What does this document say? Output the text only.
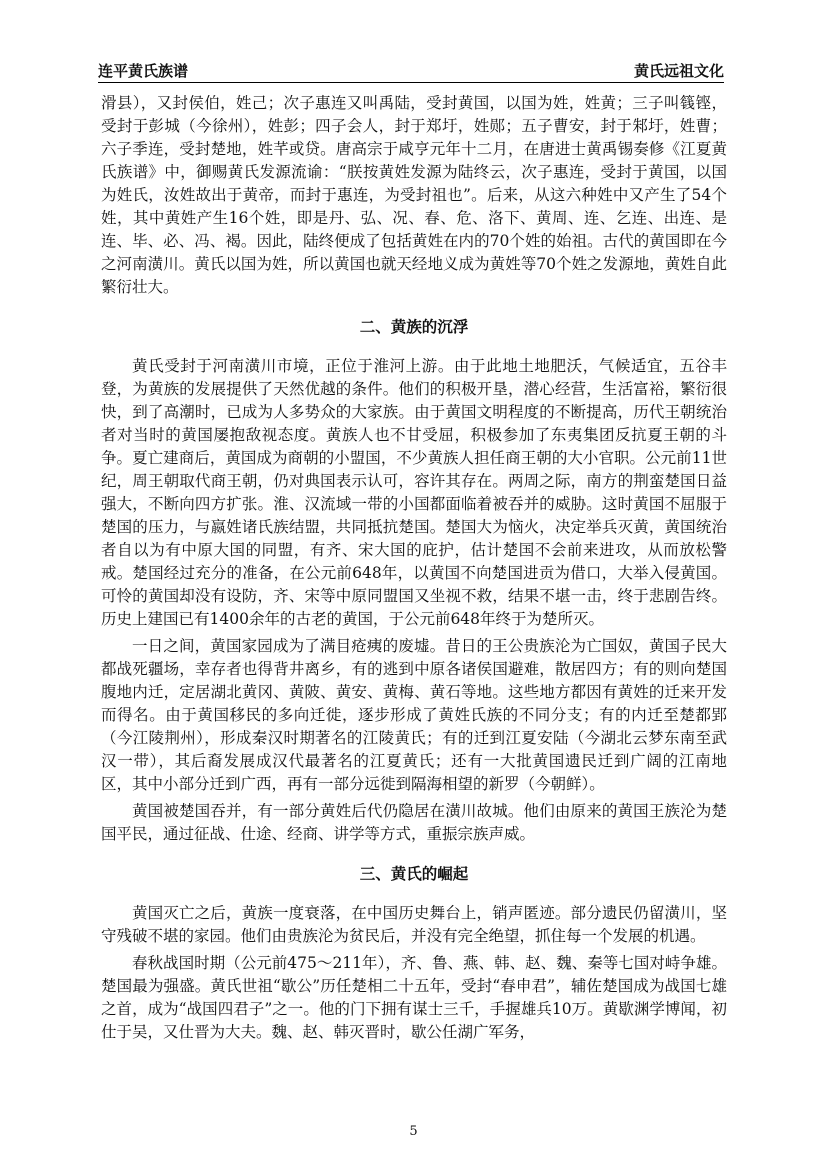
连平黄氏族谱	黄氏远祖文化

滑县），又封侯伯，姓己；次子惠连又叫禹陆，受封黄国，以国为姓，姓黄；三子叫篯铿，受封于彭城（今徐州），姓彭；四子会人，封于郑圩，姓郧；五子曹安，封于邾圩，姓曹；六子季连，受封楚地，姓芊或贷。唐高宗于咸亨元年十二月，在唐进士黄禹锡奏修《江夏黄氏族谱》中，御赐黄氏发源流谕：“朕按黄姓发源为陆终云，次子惠连，受封于黄国，以国为姓氏，汝姓故出于黄帝，而封于惠连，为受封祖也”。后来，从这六种姓中又产生了54个姓，其中黄姓产生16个姓，即是丹、弘、况、春、危、洛下、黄周、连、乞连、出连、是连、毕、必、冯、褐。因此，陆终便成了包括黄姓在内的70个姓的始祖。古代的黄国即在今之河南潢川。黄氏以国为姓，所以黄国也就天经地义成为黄姓等70个姓之发源地，黄姓自此繁衍壮大。

二、黄族的沉浮

黄氏受封于河南潢川市境，正位于淮河上游。由于此地土地肥沃，气候适宜，五谷丰登，为黄族的发展提供了天然优越的条件。他们的积极开垦，潜心经营，生活富裕，繁衍很快，到了高潮时，已成为人多势众的大家族。由于黄国文明程度的不断提高，历代王朝统治者对当时的黄国屡抱敌视态度。黄族人也不甘受屈，积极参加了东夷集团反抗夏王朝的斗争。夏亡建商后，黄国成为商朝的小盟国，不少黄族人担任商王朝的大小官职。公元前11世纪，周王朝取代商王朝，仍对典国表示认可，容许其存在。两周之际，南方的荆蛮楚国日益强大，不断向四方扩张。淮、汉流域一带的小国都面临着被吞并的威胁。这时黄国不屈服于楚国的压力，与嬴姓诸氏族结盟，共同抵抗楚国。楚国大为恼火，决定举兵灭黄，黄国统治者自以为有中原大国的同盟，有齐、宋大国的庇护，估计楚国不会前来进攻，从而放松警戒。楚国经过充分的准备，在公元前648年，以黄国不向楚国进贡为借口，大举入侵黄国。可怜的黄国却没有设防，齐、宋等中原同盟国又坐视不救，结果不堪一击，终于悲剧告终。历史上建国已有1400余年的古老的黄国，于公元前648年终于为楚所灭。

一日之间，黄国家园成为了满目疮痍的废墟。昔日的王公贵族沦为亡国奴，黄国子民大都战死疆场，幸存者也得背井离乡，有的逃到中原各诸侯国避难，散居四方；有的则向楚国腹地内迁，定居湖北黄冈、黄陂、黄安、黄梅、黄石等地。这些地方都因有黄姓的迁来开发而得名。由于黄国移民的多向迁徙，逐步形成了黄姓氏族的不同分支；有的内迁至楚都郢（今江陵荆州），形成秦汉时期著名的江陵黄氏；有的迁到江夏安陆（今湖北云梦东南至武汉一带），其后裔发展成汉代最著名的江夏黄氏；还有一大批黄国遗民迁到广阔的江南地区，其中小部分迁到广西，再有一部分远徙到隔海相望的新罗（今朝鲜）。

黄国被楚国吞并，有一部分黄姓后代仍隐居在潢川故城。他们由原来的黄国王族沦为楚国平民，通过征战、仕途、经商、讲学等方式，重振宗族声威。

三、黄氏的崛起

黄国灭亡之后，黄族一度衰落，在中国历史舞台上，销声匿迹。部分遗民仍留潢川，坚守残破不堪的家园。他们由贵族沦为贫民后，并没有完全绝望，抓住每一个发展的机遇。

春秋战国时期（公元前475～211年），齐、鲁、燕、韩、赵、魏、秦等七国对峙争雄。楚国最为强盛。黄氏世祖“歇公”历任楚相二十五年，受封“春申君”，辅佐楚国成为战国七雄之首，成为“战国四君子”之一。他的门下拥有谋士三千，手握雄兵10万。黄歇渊学博闻，初仕于吴，又仕晋为大夫。魏、赵、韩灭晋时，歇公任湖广军务，

5
